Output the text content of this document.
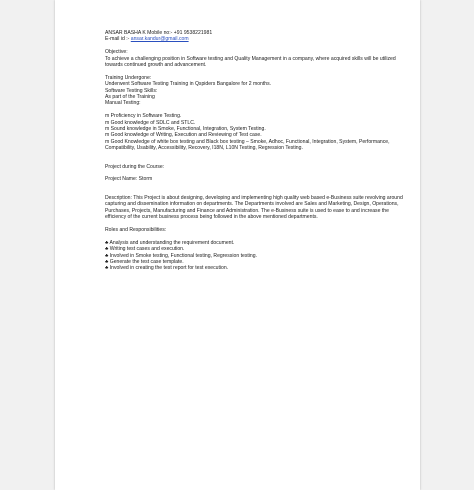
ANSAR BASHA K Mobile no:- +91 9538221981
E-mail id :- ansar.kandur@gmail.com
Objective:
To achieve a challenging position in Software testing and Quality Management in a company, where acquired skills will be utilized towards continued growth and advancement.
Training Undergone:
Underwent Software Testing Training in Qspiders Bangalore for 2 months.
Software Testing Skills:
As part of the Training
Manual Testing:
m Proficiency in Software Testing.
m Good knowledge of SDLC and STLC.
m Sound knowledge in Smoke, Functional, Integration, System Testing.
m Good knowledge of Writing, Execution and Reviewing of Test case.
m Good Knowledge of white box testing and Black box testing – Smoke, Adhoc, Functional, Integration, System, Performance, Compatibility, Usability, Accessibility, Recovery, I18N, L10N Testing, Regression Testing.
Project during the Course:
Project Name: Storm
Description: This Project is about designing, developing and implementing high quality web based e-Business suite revolving around capturing and dissemination information on departments. The Departments involved are Sales and Marketing, Design, Operations, Purchases, Projects, Manufacturing and Finance and Administration. The e-Business suite is used to ease to and increase the efficiency of the current business process being followed in the above mentioned departments.
Roles and Responsibilities:
♣ Analysis and understanding the requirement document.
♣ Writing test cases and execution.
♣ Involved in Smoke testing, Functional testing, Regression testing.
♣ Generate the test case template.
♣ Involved in creating the test report for test execution.
